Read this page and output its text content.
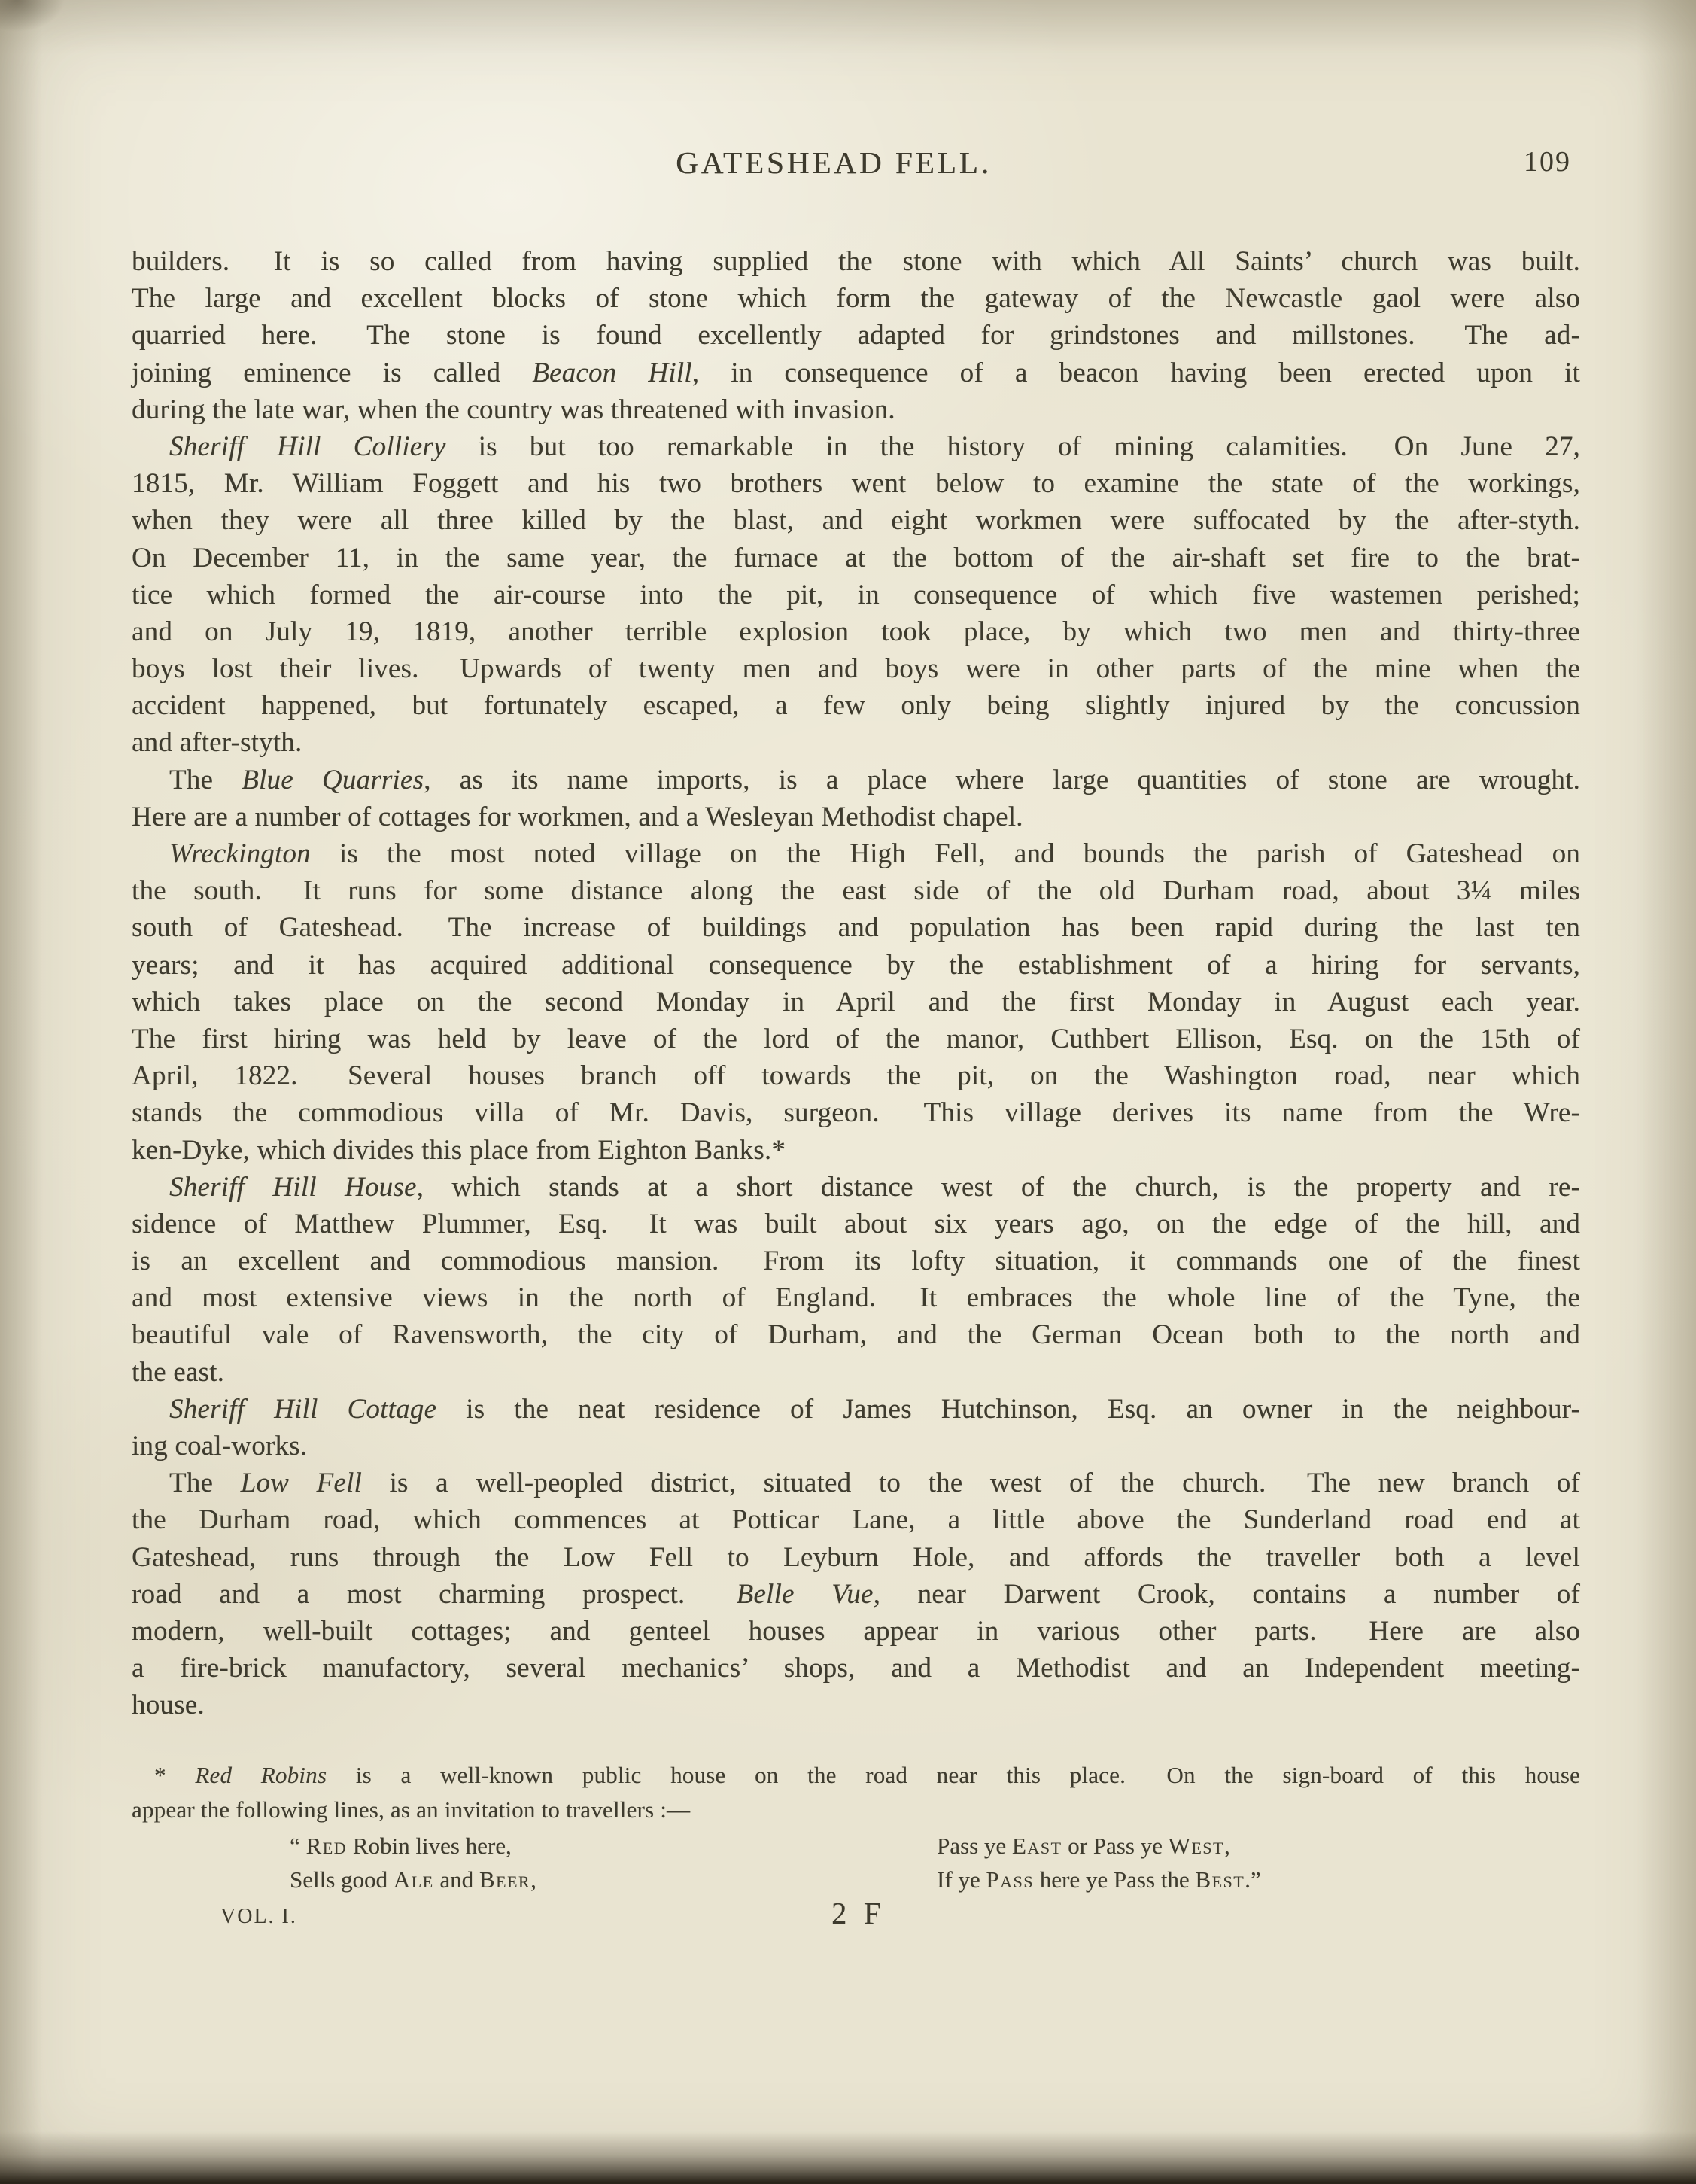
GATESHEAD FELL.	109
builders.  It is so called from having supplied the stone with which All Saints’ church was built.
The large and excellent blocks of stone which form the gateway of the Newcastle gaol were also
quarried here.  The stone is found excellently adapted for grindstones and millstones.  The ad-
joining eminence is called Beacon Hill, in consequence of a beacon having been erected upon it
during the late war, when the country was threatened with invasion.
Sheriff Hill Colliery is but too remarkable in the history of mining calamities.  On June 27,
1815, Mr. William Foggett and his two brothers went below to examine the state of the workings,
when they were all three killed by the blast, and eight workmen were suffocated by the after-styth.
On December 11, in the same year, the furnace at the bottom of the air-shaft set fire to the brat-
tice which formed the air-course into the pit, in consequence of which five wastemen perished;
and on July 19, 1819, another terrible explosion took place, by which two men and thirty-three
boys lost their lives.  Upwards of twenty men and boys were in other parts of the mine when the
accident happened, but fortunately escaped, a few only being slightly injured by the concussion
and after-styth.
The Blue Quarries, as its name imports, is a place where large quantities of stone are wrought.
Here are a number of cottages for workmen, and a Wesleyan Methodist chapel.
Wreckington is the most noted village on the High Fell, and bounds the parish of Gateshead on
the south.  It runs for some distance along the east side of the old Durham road, about 3¼ miles
south of Gateshead.  The increase of buildings and population has been rapid during the last ten
years; and it has acquired additional consequence by the establishment of a hiring for servants,
which takes place on the second Monday in April and the first Monday in August each year.
The first hiring was held by leave of the lord of the manor, Cuthbert Ellison, Esq. on the 15th of
April, 1822.  Several houses branch off towards the pit, on the Washington road, near which
stands the commodious villa of Mr. Davis, surgeon.  This village derives its name from the Wre-
ken-Dyke, which divides this place from Eighton Banks.*
Sheriff Hill House, which stands at a short distance west of the church, is the property and re-
sidence of Matthew Plummer, Esq.  It was built about six years ago, on the edge of the hill, and
is an excellent and commodious mansion.  From its lofty situation, it commands one of the finest
and most extensive views in the north of England.  It embraces the whole line of the Tyne, the
beautiful vale of Ravensworth, the city of Durham, and the German Ocean both to the north and
the east.
Sheriff Hill Cottage is the neat residence of James Hutchinson, Esq. an owner in the neighbour-
ing coal-works.
The Low Fell is a well-peopled district, situated to the west of the church.  The new branch of
the Durham road, which commences at Potticar Lane, a little above the Sunderland road end at
Gateshead, runs through the Low Fell to Leyburn Hole, and affords the traveller both a level
road and a most charming prospect.  Belle Vue, near Darwent Crook, contains a number of
modern, well-built cottages; and genteel houses appear in various other parts.  Here are also
a fire-brick manufactory, several mechanics’ shops, and a Methodist and an Independent meeting-
house.
* Red Robins is a well-known public house on the road near this place.  On the sign-board of this house
appear the following lines, as an invitation to travellers :—
“ Red Robin lives here,
Sells good Ale and Beer,
Pass ye East or Pass ye West,
If ye Pass here ye Pass the Best.”
VOL. I.	2 F
